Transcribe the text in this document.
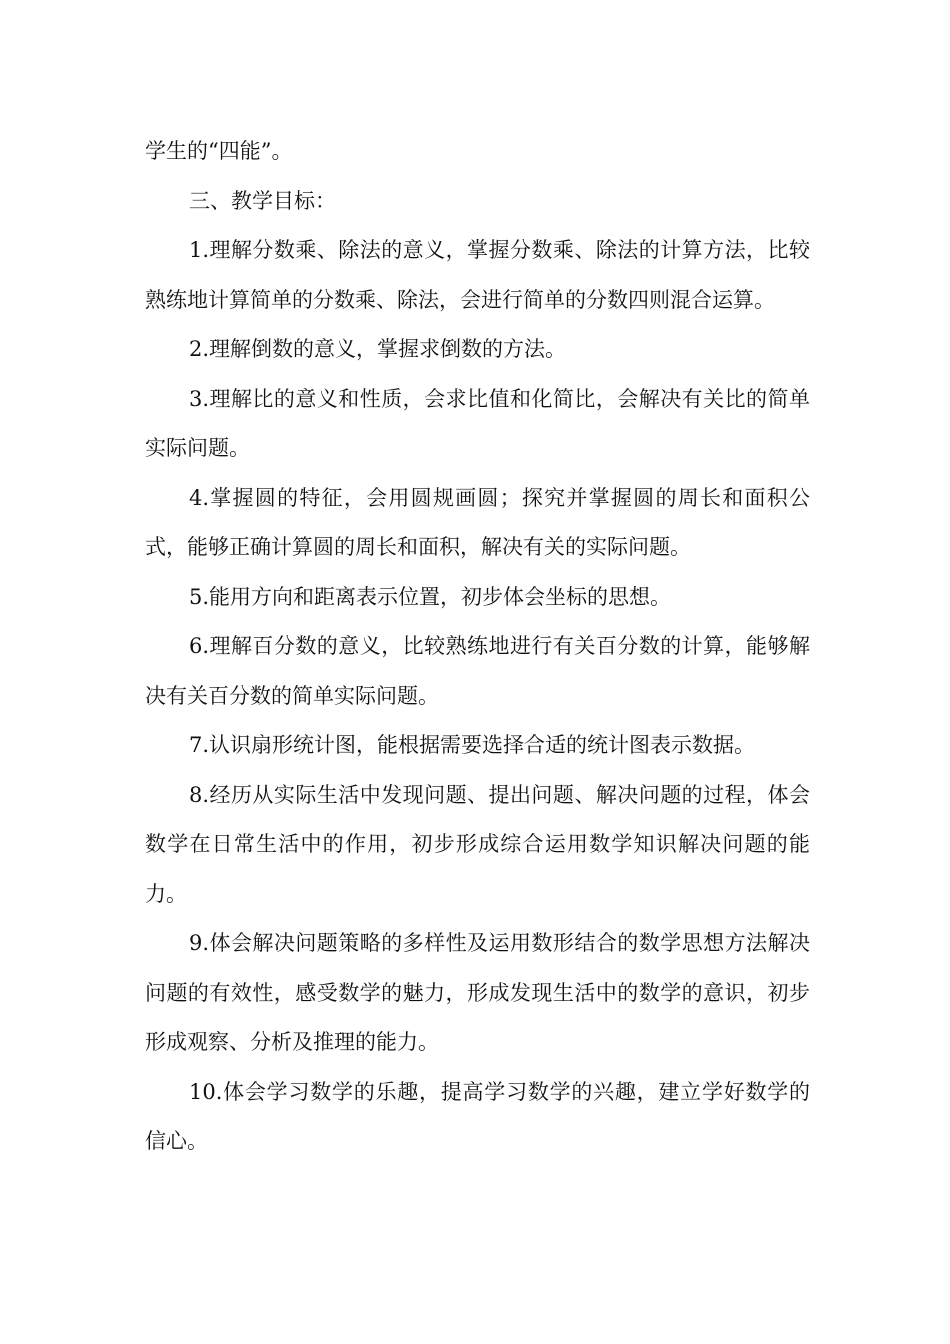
学生的“四能”。

三、教学目标：

1.理解分数乘、除法的意义，掌握分数乘、除法的计算方法，比较熟练地计算简单的分数乘、除法，会进行简单的分数四则混合运算。

2.理解倒数的意义，掌握求倒数的方法。

3.理解比的意义和性质，会求比值和化简比，会解决有关比的简单实际问题。

4.掌握圆的特征，会用圆规画圆；探究并掌握圆的周长和面积公式，能够正确计算圆的周长和面积，解决有关的实际问题。

5.能用方向和距离表示位置，初步体会坐标的思想。

6.理解百分数的意义，比较熟练地进行有关百分数的计算，能够解决有关百分数的简单实际问题。

7.认识扇形统计图，能根据需要选择合适的统计图表示数据。

8.经历从实际生活中发现问题、提出问题、解决问题的过程，体会数学在日常生活中的作用，初步形成综合运用数学知识解决问题的能力。

9.体会解决问题策略的多样性及运用数形结合的数学思想方法解决问题的有效性，感受数学的魅力，形成发现生活中的数学的意识，初步形成观察、分析及推理的能力。

10.体会学习数学的乐趣，提高学习数学的兴趣，建立学好数学的信心。
